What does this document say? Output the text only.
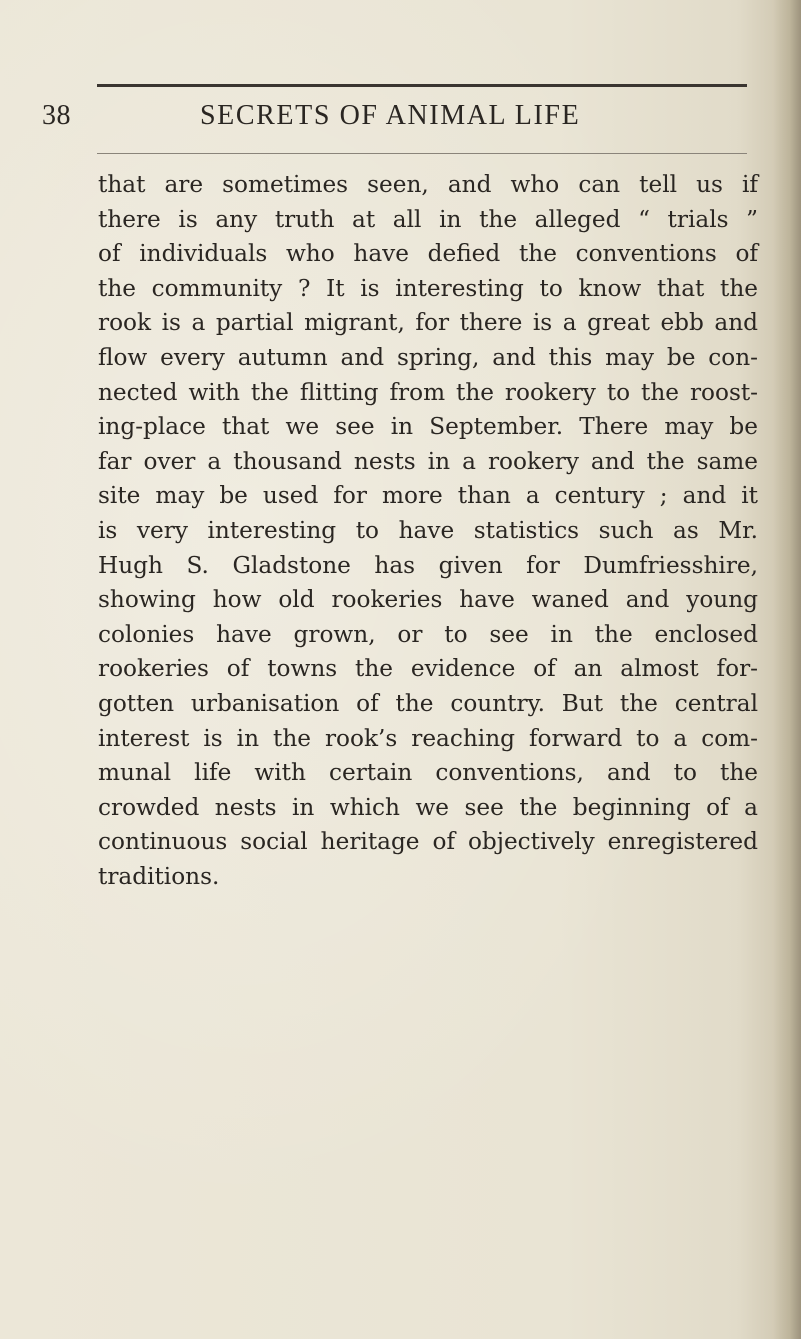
38	SECRETS OF ANIMAL LIFE
that are sometimes seen, and who can tell us if
there is any truth at all in the alleged “ trials ”
of individuals who have defied the conventions of
the community ? It is interesting to know that the
rook is a partial migrant, for there is a great ebb and
flow every autumn and spring, and this may be con-
nected with the flitting from the rookery to the roost-
ing-place that we see in September. There may be
far over a thousand nests in a rookery and the same
site may be used for more than a century ; and it
is very interesting to have statistics such as Mr.
Hugh S. Gladstone has given for Dumfriesshire,
showing how old rookeries have waned and young
colonies have grown, or to see in the enclosed
rookeries of towns the evidence of an almost for-
gotten urbanisation of the country. But the central
interest is in the rook’s reaching forward to a com-
munal life with certain conventions, and to the
crowded nests in which we see the beginning of a
continuous social heritage of objectively enregistered
traditions.
